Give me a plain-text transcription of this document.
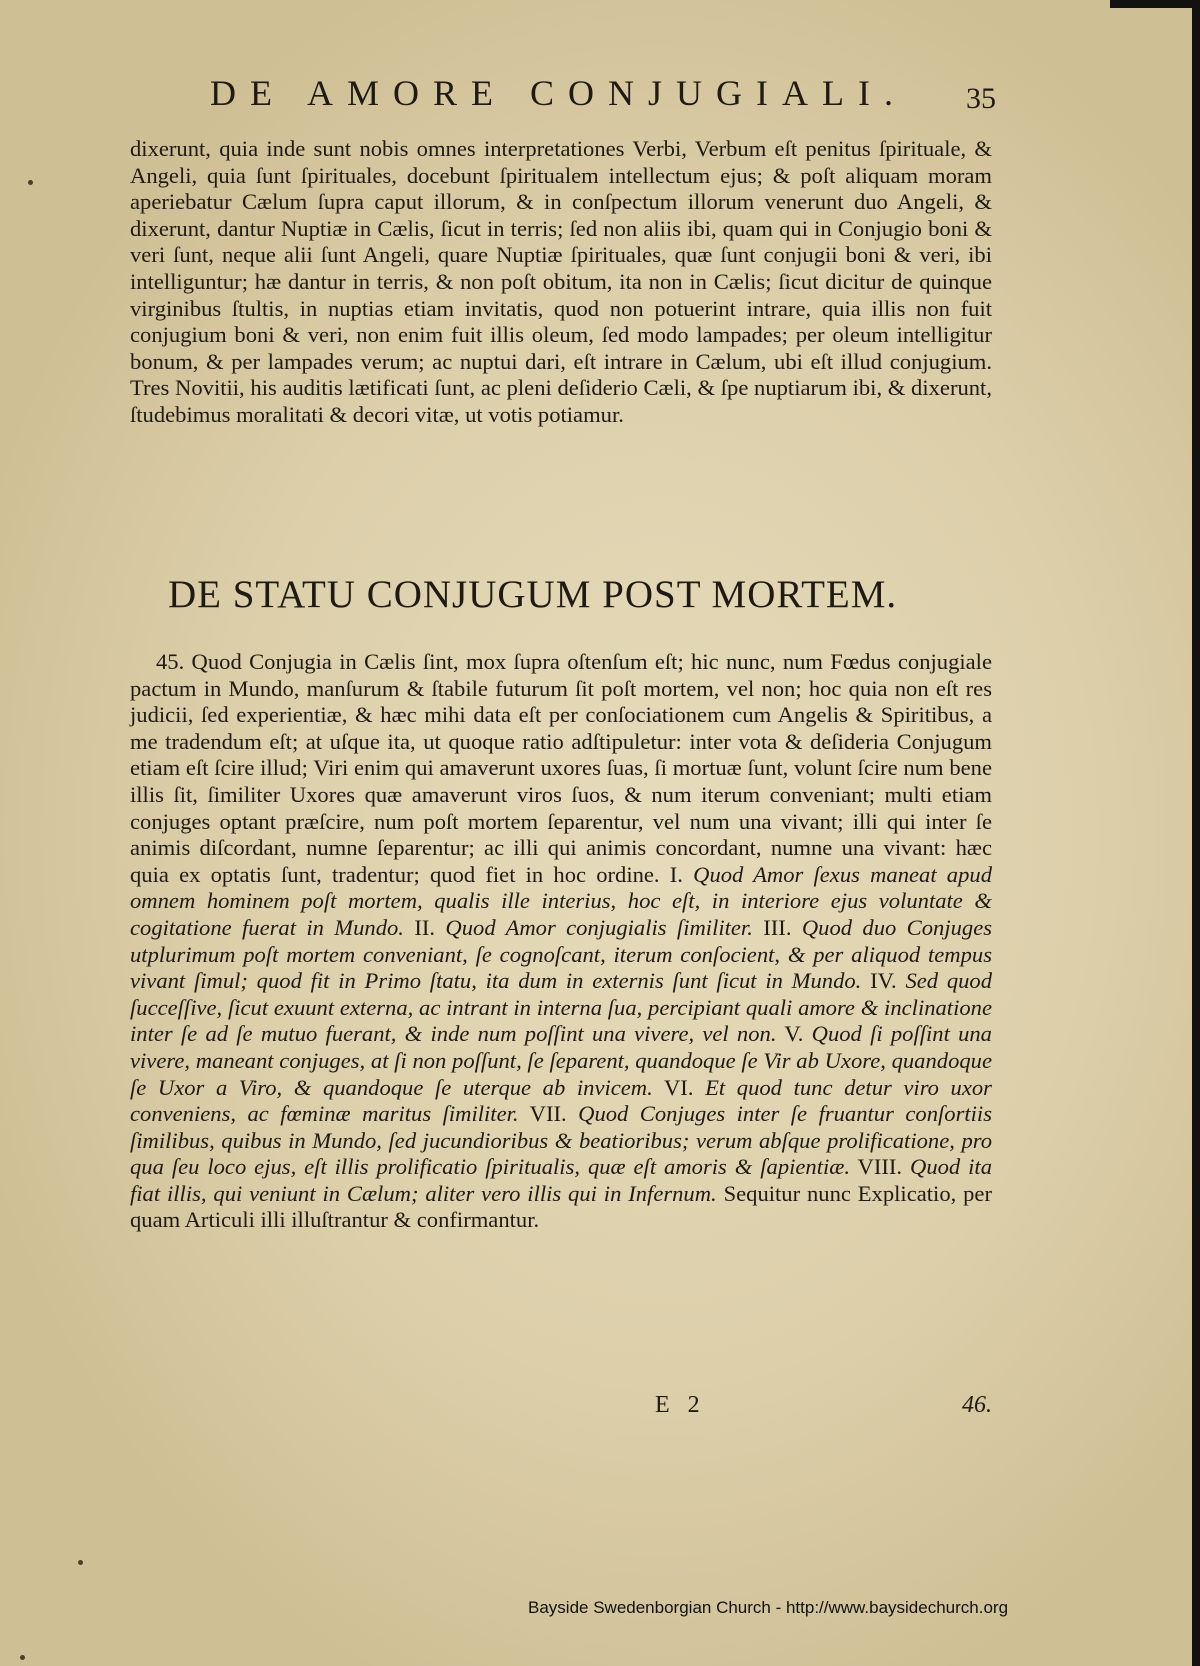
DE AMORE CONJUGIALI.	35
dixerunt, quia inde sunt nobis omnes interpretationes Verbi, Verbum eſt penitus ſpirituale, & Angeli, quia ſunt ſpirituales, docebunt ſpiritualem intellectum ejus; & poſt aliquam moram aperiebatur Cælum ſupra caput illorum, & in conſpectum illorum venerunt duo Angeli, & dixerunt, dantur Nuptiæ in Cælis, ſicut in terris; ſed non aliis ibi, quam qui in Conjugio boni & veri ſunt, neque alii ſunt Angeli, quare Nuptiæ ſpirituales, quæ ſunt conjugii boni & veri, ibi intelliguntur; hæ dantur in terris, & non poſt obitum, ita non in Cælis; ſicut dicitur de quinque virginibus ſtultis, in nuptias etiam invitatis, quod non potuerint intrare, quia illis non fuit conjugium boni & veri, non enim fuit illis oleum, ſed modo lampades; per oleum intelligitur bonum, & per lampades verum; ac nuptui dari, eſt intrare in Cælum, ubi eſt illud conjugium. Tres Novitii, his auditis lætificati ſunt, ac pleni deſiderio Cæli, & ſpe nuptiarum ibi, & dixerunt, ſtudebimus moralitati & decori vitæ, ut votis potiamur.
DE STATU CONJUGUM POST MORTEM.
45. Quod Conjugia in Cælis ſint, mox ſupra oſtenſum eſt; hic nunc, num Fœdus conjugiale pactum in Mundo, manſurum & ſtabile futurum ſit poſt mortem, vel non; hoc quia non eſt res judicii, ſed experientiæ, & hæc mihi data eſt per conſociationem cum Angelis & Spiritibus, a me tradendum eſt; at uſque ita, ut quoque ratio adſtipuletur: inter vota & deſideria Conjugum etiam eſt ſcire illud; Viri enim qui amaverunt uxores ſuas, ſi mortuæ ſunt, volunt ſcire num bene illis ſit, ſimiliter Uxores quæ amaverunt viros ſuos, & num iterum conveniant; multi etiam conjuges optant præſcire, num poſt mortem ſeparentur, vel num una vivant; illi qui inter ſe animis diſcordant, numne ſeparentur; ac illi qui animis concordant, numne una vivant: hæc quia ex optatis ſunt, tradentur; quod fiet in hoc ordine. I. Quod Amor ſexus maneat apud omnem hominem poſt mortem, qualis ille interius, hoc eſt, in interiore ejus voluntate & cogitatione fuerat in Mundo. II. Quod Amor conjugialis ſimiliter. III. Quod duo Conjuges utplurimum poſt mortem conveniant, ſe cognoſcant, iterum conſocient, & per aliquod tempus vivant ſimul; quod fit in Primo ſtatu, ita dum in externis ſunt ſicut in Mundo. IV. Sed quod ſucceſſive, ſicut exuunt externa, ac intrant in interna ſua, percipiant quali amore & inclinatione inter ſe ad ſe mutuo fuerant, & inde num poſſint una vivere, vel non. V. Quod ſi poſſint una vivere, maneant conjuges, at ſi non poſſunt, ſe ſeparent, quandoque ſe Vir ab Uxore, quandoque ſe Uxor a Viro, & quandoque ſe uterque ab invicem. VI. Et quod tunc detur viro uxor conveniens, ac fœminæ maritus ſimiliter. VII. Quod Conjuges inter ſe fruantur conſortiis ſimilibus, quibus in Mundo, ſed jucundioribus & beatioribus; verum abſque prolificatione, pro qua ſeu loco ejus, eſt illis prolificatio ſpiritualis, quæ eſt amoris & ſapientiæ. VIII. Quod ita fiat illis, qui veniunt in Cælum; aliter vero illis qui in Infernum. Sequitur nunc Explicatio, per quam Articuli illi illuſtrantur & confirmantur.
E 2	46.
Bayside Swedenborgian Church - http://www.baysidechurch.org
